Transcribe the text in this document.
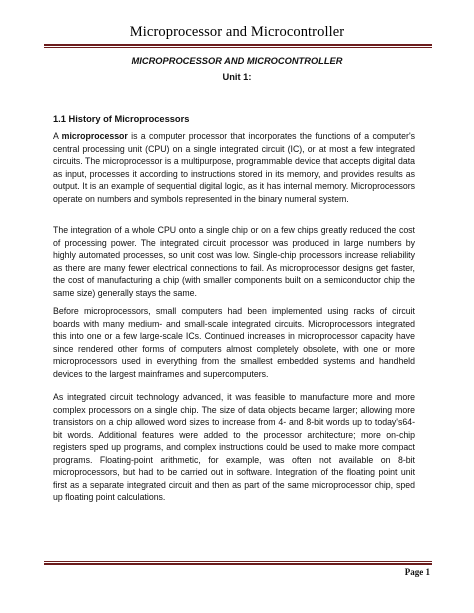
Microprocessor and Microcontroller
MICROPROCESSOR AND MICROCONTROLLER
Unit 1:
1.1 History of Microprocessors

A microprocessor is a computer processor that incorporates the functions of a computer's central processing unit (CPU) on a single integrated circuit (IC), or at most a few integrated circuits. The microprocessor is a multipurpose, programmable device that accepts digital data as input, processes it according to instructions stored in its memory, and provides results as output. It is an example of sequential digital logic, as it has internal memory. Microprocessors operate on numbers and symbols represented in the binary numeral system.

The integration of a whole CPU onto a single chip or on a few chips greatly reduced the cost of processing power. The integrated circuit processor was produced in large numbers by highly automated processes, so unit cost was low. Single-chip processors increase reliability as there are many fewer electrical connections to fail. As microprocessor designs get faster, the cost of manufacturing a chip (with smaller components built on a semiconductor chip the same size) generally stays the same.

Before microprocessors, small computers had been implemented using racks of circuit boards with many medium- and small-scale integrated circuits. Microprocessors integrated this into one or a few large-scale ICs. Continued increases in microprocessor capacity have since rendered other forms of computers almost completely obsolete, with one or more microprocessors used in everything from the smallest embedded systems and handheld devices to the largest mainframes and supercomputers.

As integrated circuit technology advanced, it was feasible to manufacture more and more complex processors on a single chip. The size of data objects became larger; allowing more transistors on a chip allowed word sizes to increase from 4- and 8-bit words up to today's64-bit words. Additional features were added to the processor architecture; more on-chip registers sped up programs, and complex instructions could be used to make more compact programs. Floating-point arithmetic, for example, was often not available on 8-bit microprocessors, but had to be carried out in software. Integration of the floating point unit first as a separate integrated circuit and then as part of the same microprocessor chip, sped up floating point calculations.

Page 1
